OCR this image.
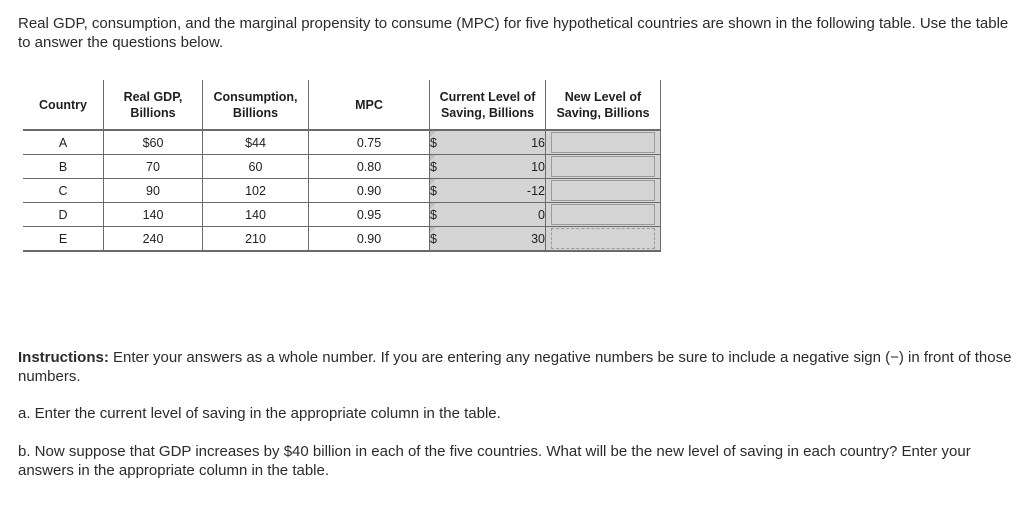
Real GDP, consumption, and the marginal propensity to consume (MPC) for five hypothetical countries are shown in the following table. Use the table to answer the questions below.

Country	Real GDP, Billions	Consumption, Billions	MPC	Current Level of Saving, Billions	New Level of Saving, Billions
A	$60	$44	0.75	$ 16

B	70	60	0.80	$ 10

C	90	102	0.90	$ -12

D	140	140	0.95	$ 0

E	240	210	0.90	$ 30

Instructions: Enter your answers as a whole number. If you are entering any negative numbers be sure to include a negative sign (−) in front of those numbers.

a. Enter the current level of saving in the appropriate column in the table.

b. Now suppose that GDP increases by $40 billion in each of the five countries. What will be the new level of saving in each country? Enter your answers in the appropriate column in the table.
